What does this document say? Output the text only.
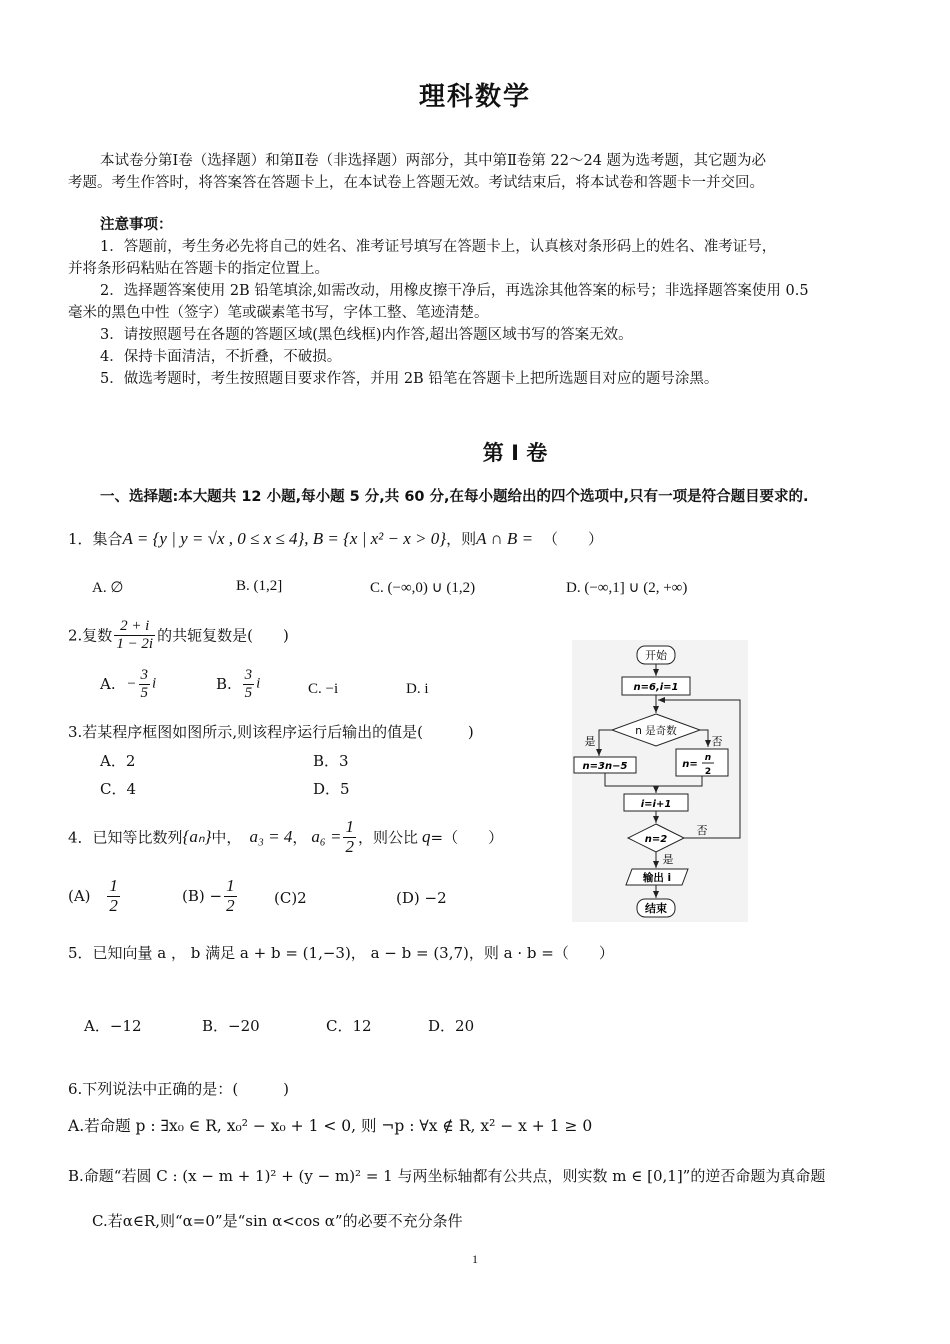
理科数学
本试卷分第Ⅰ卷（选择题）和第Ⅱ卷（非选择题）两部分，其中第Ⅱ卷第 22～24 题为选考题，其它题为必
考题。考生作答时，将答案答在答题卡上，在本试卷上答题无效。考试结束后，将本试卷和答题卡一并交回。
注意事项：
1．答题前，考生务必先将自己的姓名、准考证号填写在答题卡上，认真核对条形码上的姓名、准考证号，
并将条形码粘贴在答题卡的指定位置上。
2．选择题答案使用 2B 铅笔填涂,如需改动，用橡皮擦干净后，再选涂其他答案的标号；非选择题答案使用 0.5
毫米的黑色中性（签字）笔或碳素笔书写，字体工整、笔迹清楚。
3．请按照题号在各题的答题区域(黑色线框)内作答,超出答题区域书写的答案无效。
4．保持卡面清洁，不折叠，不破损。
5．做选考题时，考生按照题目要求作答，并用 2B 铅笔在答题卡上把所选题目对应的题号涂黑。
第 Ⅰ 卷
一、选择题:本大题共 12 小题,每小题 5 分,共 60 分,在每小题给出的四个选项中,只有一项是符合题目要求的.
1．集合A = {y | y = √x , 0 ≤ x ≤ 4}, B = {x | x² − x > 0}，则A ∩ B = （　　）
A. ∅	B. (1,2]	C. (−∞,0) ∪ (1,2)	D. (−∞,1] ∪ (2, +∞)
2.复数 $\frac{2 + i}{1 - 2i}$ 的共轭复数是(　　)
A. − $\frac{3}{5}$ i	B. $\frac{3}{5}$ i	C. −i	D. i
3.若某程序框图如图所示,则该程序运行后输出的值是(　　　)
A．2	B．3
C．4	D．5
4．已知等比数列{aₙ}中， a₃ = 4， $a_6 = \frac{1}{2}$ ，则公比 q=（　　）
$(A) \frac{1}{2}$	$(B) - \frac{1}{2} (C)2$	(D) −2
5．已知向量 a ， b 满足 a + b = (1,−3)， a − b = (3,7)，则 a · b =（　　）
A．−12	B．−20	C．12	D．20
6.下列说法中正确的是：(　　　)
A.若命题 p : ∃x₀ ∈ R, x₀² − x₀ + 1 < 0, 则 ¬p : ∀x ∉ R, x² − x + 1 ≥ 0
B.命题“若圆 C : (x − m + 1)² + (y − m)² = 1 与两坐标轴都有公共点，则实数 m ∈ [0,1]”的逆否命题为真命题
C.若α∈R,则“α=0”是“sin α<cos α”的必要不充分条件
开始
n=6,i=1
n 是奇数
是
n=3n−5
否
n=
n
2
i=i+1
n=2
否
是
输出 i
结束
1
